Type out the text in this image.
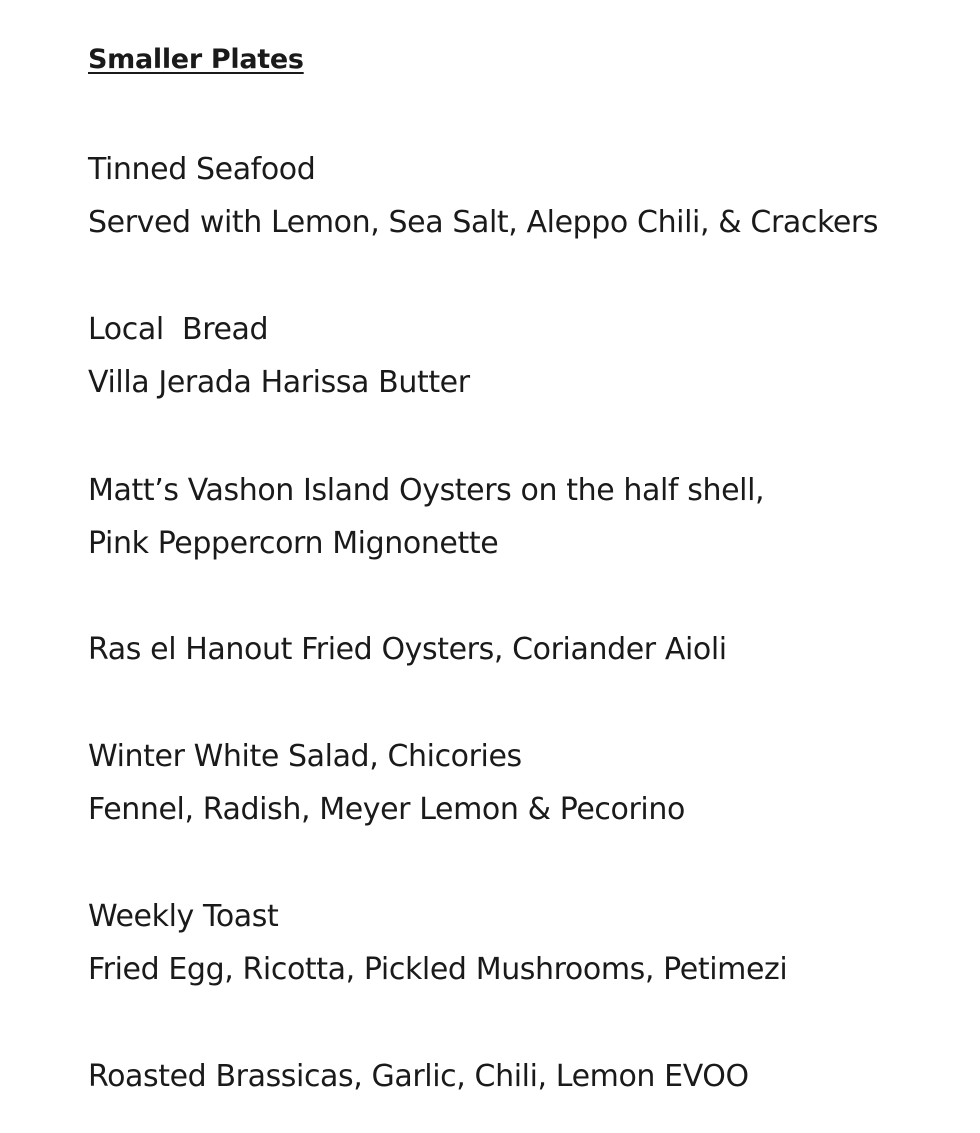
Smaller Plates
Tinned Seafood
Served with Lemon, Sea Salt, Aleppo Chili, & Crackers
Local  Bread
Villa Jerada Harissa Butter
Matt’s Vashon Island Oysters on the half shell,
Pink Peppercorn Mignonette
Ras el Hanout Fried Oysters, Coriander Aioli
Winter White Salad, Chicories
Fennel, Radish, Meyer Lemon & Pecorino
Weekly Toast
Fried Egg, Ricotta, Pickled Mushrooms, Petimezi
Roasted Brassicas, Garlic, Chili, Lemon EVOO
